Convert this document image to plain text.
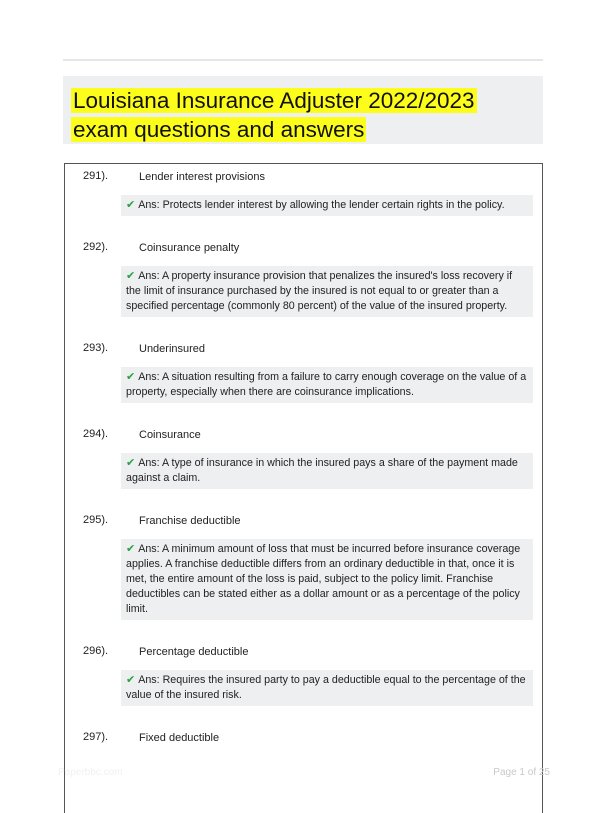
Louisiana Insurance Adjuster 2022/2023 exam questions and answers
291).	Lender interest provisions
✔ Ans: Protects lender interest by allowing the lender certain rights in the policy.
292).	Coinsurance penalty
✔ Ans: A property insurance provision that penalizes the insured's loss recovery if the limit of insurance purchased by the insured is not equal to or greater than a specified percentage (commonly 80 percent) of the value of the insured property.
293).	Underinsured
✔ Ans: A situation resulting from a failure to carry enough coverage on the value of a property, especially when there are coinsurance implications.
294).	Coinsurance
✔ Ans: A type of insurance in which the insured pays a share of the payment made against a claim.
295).	Franchise deductible
✔ Ans: A minimum amount of loss that must be incurred before insurance coverage applies. A franchise deductible differs from an ordinary deductible in that, once it is met, the entire amount of the loss is paid, subject to the policy limit. Franchise deductibles can be stated either as a dollar amount or as a percentage of the policy limit.
296).	Percentage deductible
✔ Ans: Requires the insured party to pay a deductible equal to the percentage of the value of the insured risk.
297).	Fixed deductible
Paperbbc.com	Page 1 of 25
